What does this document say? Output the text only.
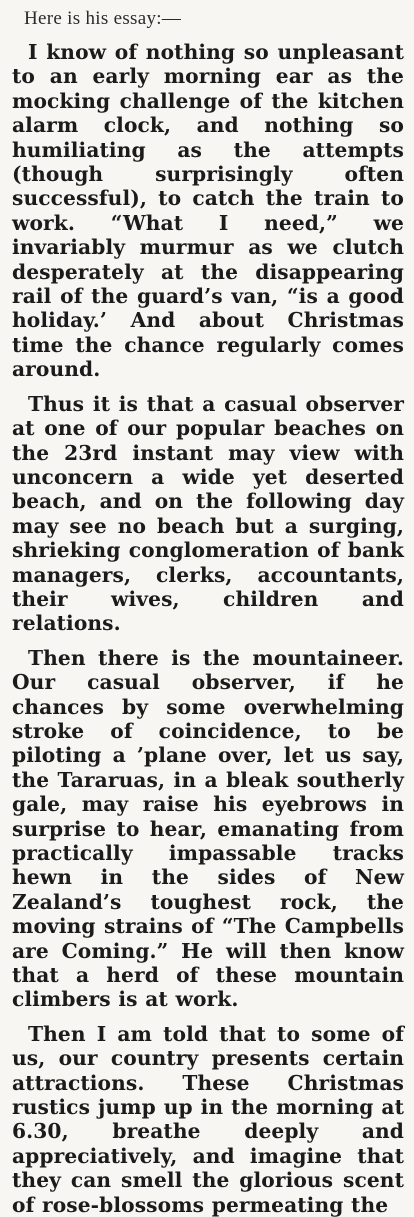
Here is his essay:—

I know of nothing so unpleasant to an early morning ear as the mocking challenge of the kitchen alarm clock, and nothing so humiliating as the attempts (though surprisingly often successful), to catch the train to work. “What I need,” we invariably murmur as we clutch desperately at the disappearing rail of the guard’s van, “is a good holiday.’ And about Christmas time the chance regularly comes around.

Thus it is that a casual observer at one of our popular beaches on the 23rd instant may view with unconcern a wide yet deserted beach, and on the following day may see no beach but a surging, shrieking conglomeration of bank managers, clerks, accountants, their wives, children and relations.

Then there is the mountaineer. Our casual observer, if he chances by some overwhelming stroke of coincidence, to be piloting a ’plane over, let us say, the Tararuas, in a bleak southerly gale, may raise his eyebrows in surprise to hear, emanating from practically impassable tracks hewn in the sides of New Zealand’s toughest rock, the moving strains of “The Campbells are Coming.” He will then know that a herd of these mountain climbers is at work.

Then I am told that to some of us, our country presents certain attractions. These Christmas rustics jump up in the morning at 6.30, breathe deeply and appreciatively, and imagine that they can smell the glorious scent of rose-blossoms permeating the
